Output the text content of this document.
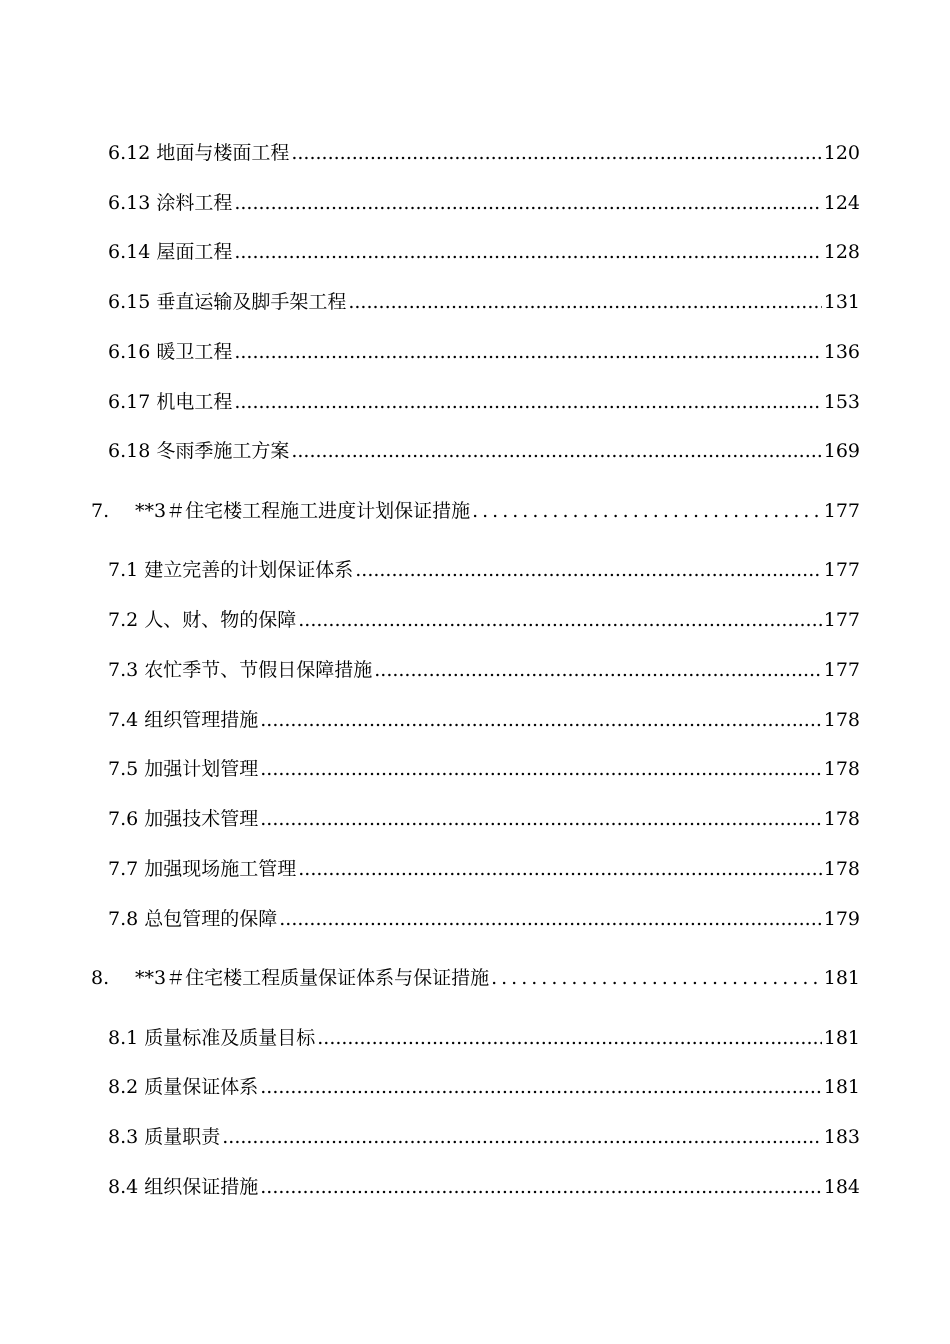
6.12 地面与楼面工程 .....	120
6.13 涂料工程 .....	124
6.14 屋面工程 .....	128
6.15 垂直运输及脚手架工程 .....	131
6.16 暖卫工程 .....	136
6.17 机电工程 .....	153
6.18 冬雨季施工方案 .....	169
7.	**3＃住宅楼工程施工进度计划保证措施 .....	177
7.1 建立完善的计划保证体系 .....	177
7.2 人、财、物的保障 .....	177
7.3 农忙季节、节假日保障措施 .....	177
7.4 组织管理措施 .....	178
7.5 加强计划管理 .....	178
7.6 加强技术管理 .....	178
7.7 加强现场施工管理 .....	178
7.8 总包管理的保障 .....	179
8.	**3＃住宅楼工程质量保证体系与保证措施 .....	181
8.1 质量标准及质量目标 .....	181
8.2 质量保证体系 .....	181
8.3 质量职责 .....	183
8.4 组织保证措施 .....	184
